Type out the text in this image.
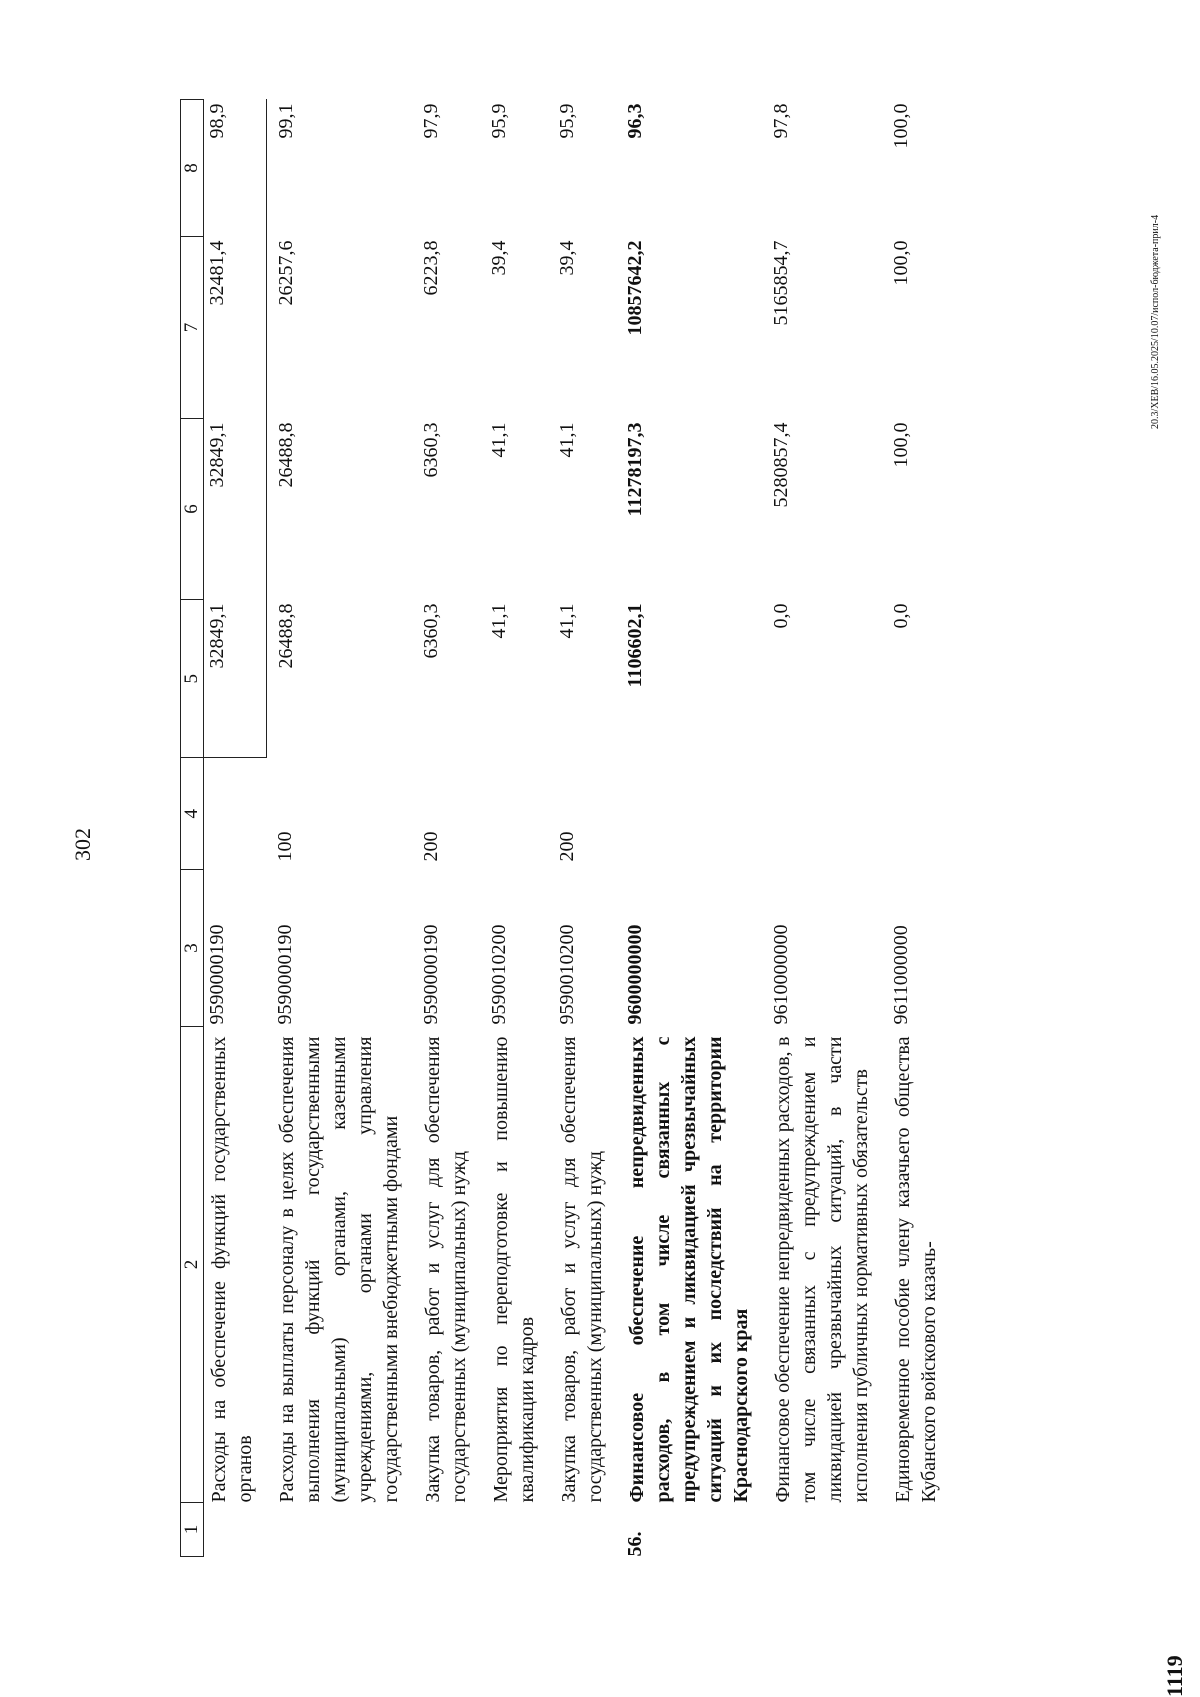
302
1	2	3	4	5	6	7	8
	Расходы на обеспечение функций государственных органов	9590000190		32849,1	32849,1	32481,4	98,9
	Расходы на выплаты персоналу в целях обеспечения выполнения функций государственными (муниципальными) органами, казенными учреждениями, органами управления государственными внебюджетными фондами	9590000190	100	26488,8	26488,8	26257,6	99,1
	Закупка товаров, работ и услуг для обеспечения государственных (муниципальных) нужд	9590000190	200	6360,3	6360,3	6223,8	97,9
	Мероприятия по переподготовке и повышению квалификации кадров	9590010200		41,1	41,1	39,4	95,9
	Закупка товаров, работ и услуг для обеспечения государственных (муниципальных) нужд	9590010200	200	41,1	41,1	39,4	95,9
56.	Финансовое обеспечение непредвиденных расходов, в том числе связанных с предупреждением и ликвидацией чрезвычайных ситуаций и их последствий на территории Краснодарского края	9600000000		1106602,1	11278197,3	10857642,2	96,3
	Финансовое обеспечение непредвиденных расходов, в том числе связанных с предупреждением и ликвидацией чрезвычайных ситуаций, в части исполнения публичных нормативных обязательств	9610000000		0,0	5280857,4	5165854,7	97,8
	Единовременное пособие члену казачьего общества Кубанского войскового казачь-	9611000000		0,0	100,0	100,0	100,0
20.3/XEB/16.05.2025/10.07/испол-бюджета-прил-4
1119
